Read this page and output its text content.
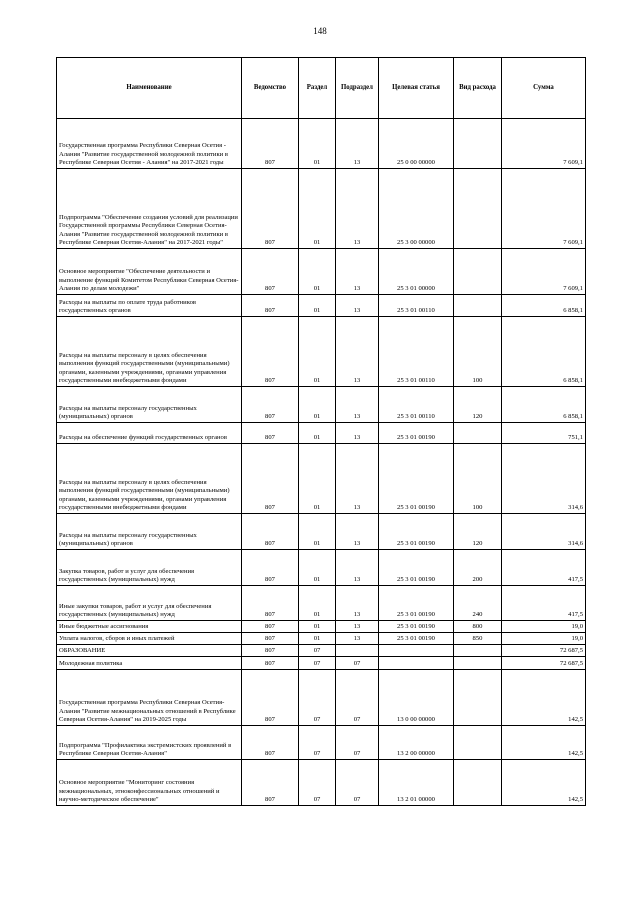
148
Наименование	Ведомство	Раздел	Подраздел	Целевая статья	Вид расхода	Сумма
Государственная программа Республики Северная Осетия - Алания "Развитие государственной молодежной политики в Республике Северная Осетия - Алания" на 2017-2021 годы	807	01	13	25 0 00 00000		7 609,1
Подпрограмма "Обеспечение создания условий для реализации Государственной программы Республики Северная Осетия-Алания "Развитие государственной молодежной политики в Республике Северная Осетия-Алания" на 2017-2021 годы"	807	01	13	25 3 00 00000		7 609,1
Основное мероприятие "Обеспечение деятельности и выполнение функций Комитетом Республики Северная Осетия-Алания по делам молодежи"	807	01	13	25 3 01 00000		7 609,1
Расходы на выплаты по оплате труда работников государственных органов	807	01	13	25 3 01 00110		6 858,1
Расходы на выплаты персоналу в целях обеспечения выполнения функций государственными (муниципальными) органами, казенными учреждениями, органами управления государственными внебюджетными фондами	807	01	13	25 3 01 00110	100	6 858,1
Расходы на выплаты персоналу государственных (муниципальных) органов	807	01	13	25 3 01 00110	120	6 858,1
Расходы на обеспечение функций государственных органов	807	01	13	25 3 01 00190		751,1
Расходы на выплаты персоналу в целях обеспечения выполнения функций государственными (муниципальными) органами, казенными учреждениями, органами управления государственными внебюджетными фондами	807	01	13	25 3 01 00190	100	314,6
Расходы на выплаты персоналу государственных (муниципальных) органов	807	01	13	25 3 01 00190	120	314,6
Закупка товаров, работ и услуг для обеспечения государственных (муниципальных) нужд	807	01	13	25 3 01 00190	200	417,5
Иные закупки товаров, работ и услуг для обеспечения государственных (муниципальных) нужд	807	01	13	25 3 01 00190	240	417,5
Иные бюджетные ассигнования	807	01	13	25 3 01 00190	800	19,0
Уплата налогов, сборов и иных платежей	807	01	13	25 3 01 00190	850	19,0
ОБРАЗОВАНИЕ	807	07				72 687,5
Молодежная политика	807	07	07			72 687,5
Государственная программа Республики Северная Осетия-Алания "Развитие межнациональных отношений в Республике Северная Осетия-Алания" на 2019-2025 годы	807	07	07	13 0 00 00000		142,5
Подпрограмма "Профилактика экстремистских проявлений в Республике Северная Осетия-Алания"	807	07	07	13 2 00 00000		142,5
Основное мероприятие "Мониторинг состояния межнациональных, этноконфессиональных отношений и научно-методическое обеспечение"	807	07	07	13 2 01 00000		142,5
